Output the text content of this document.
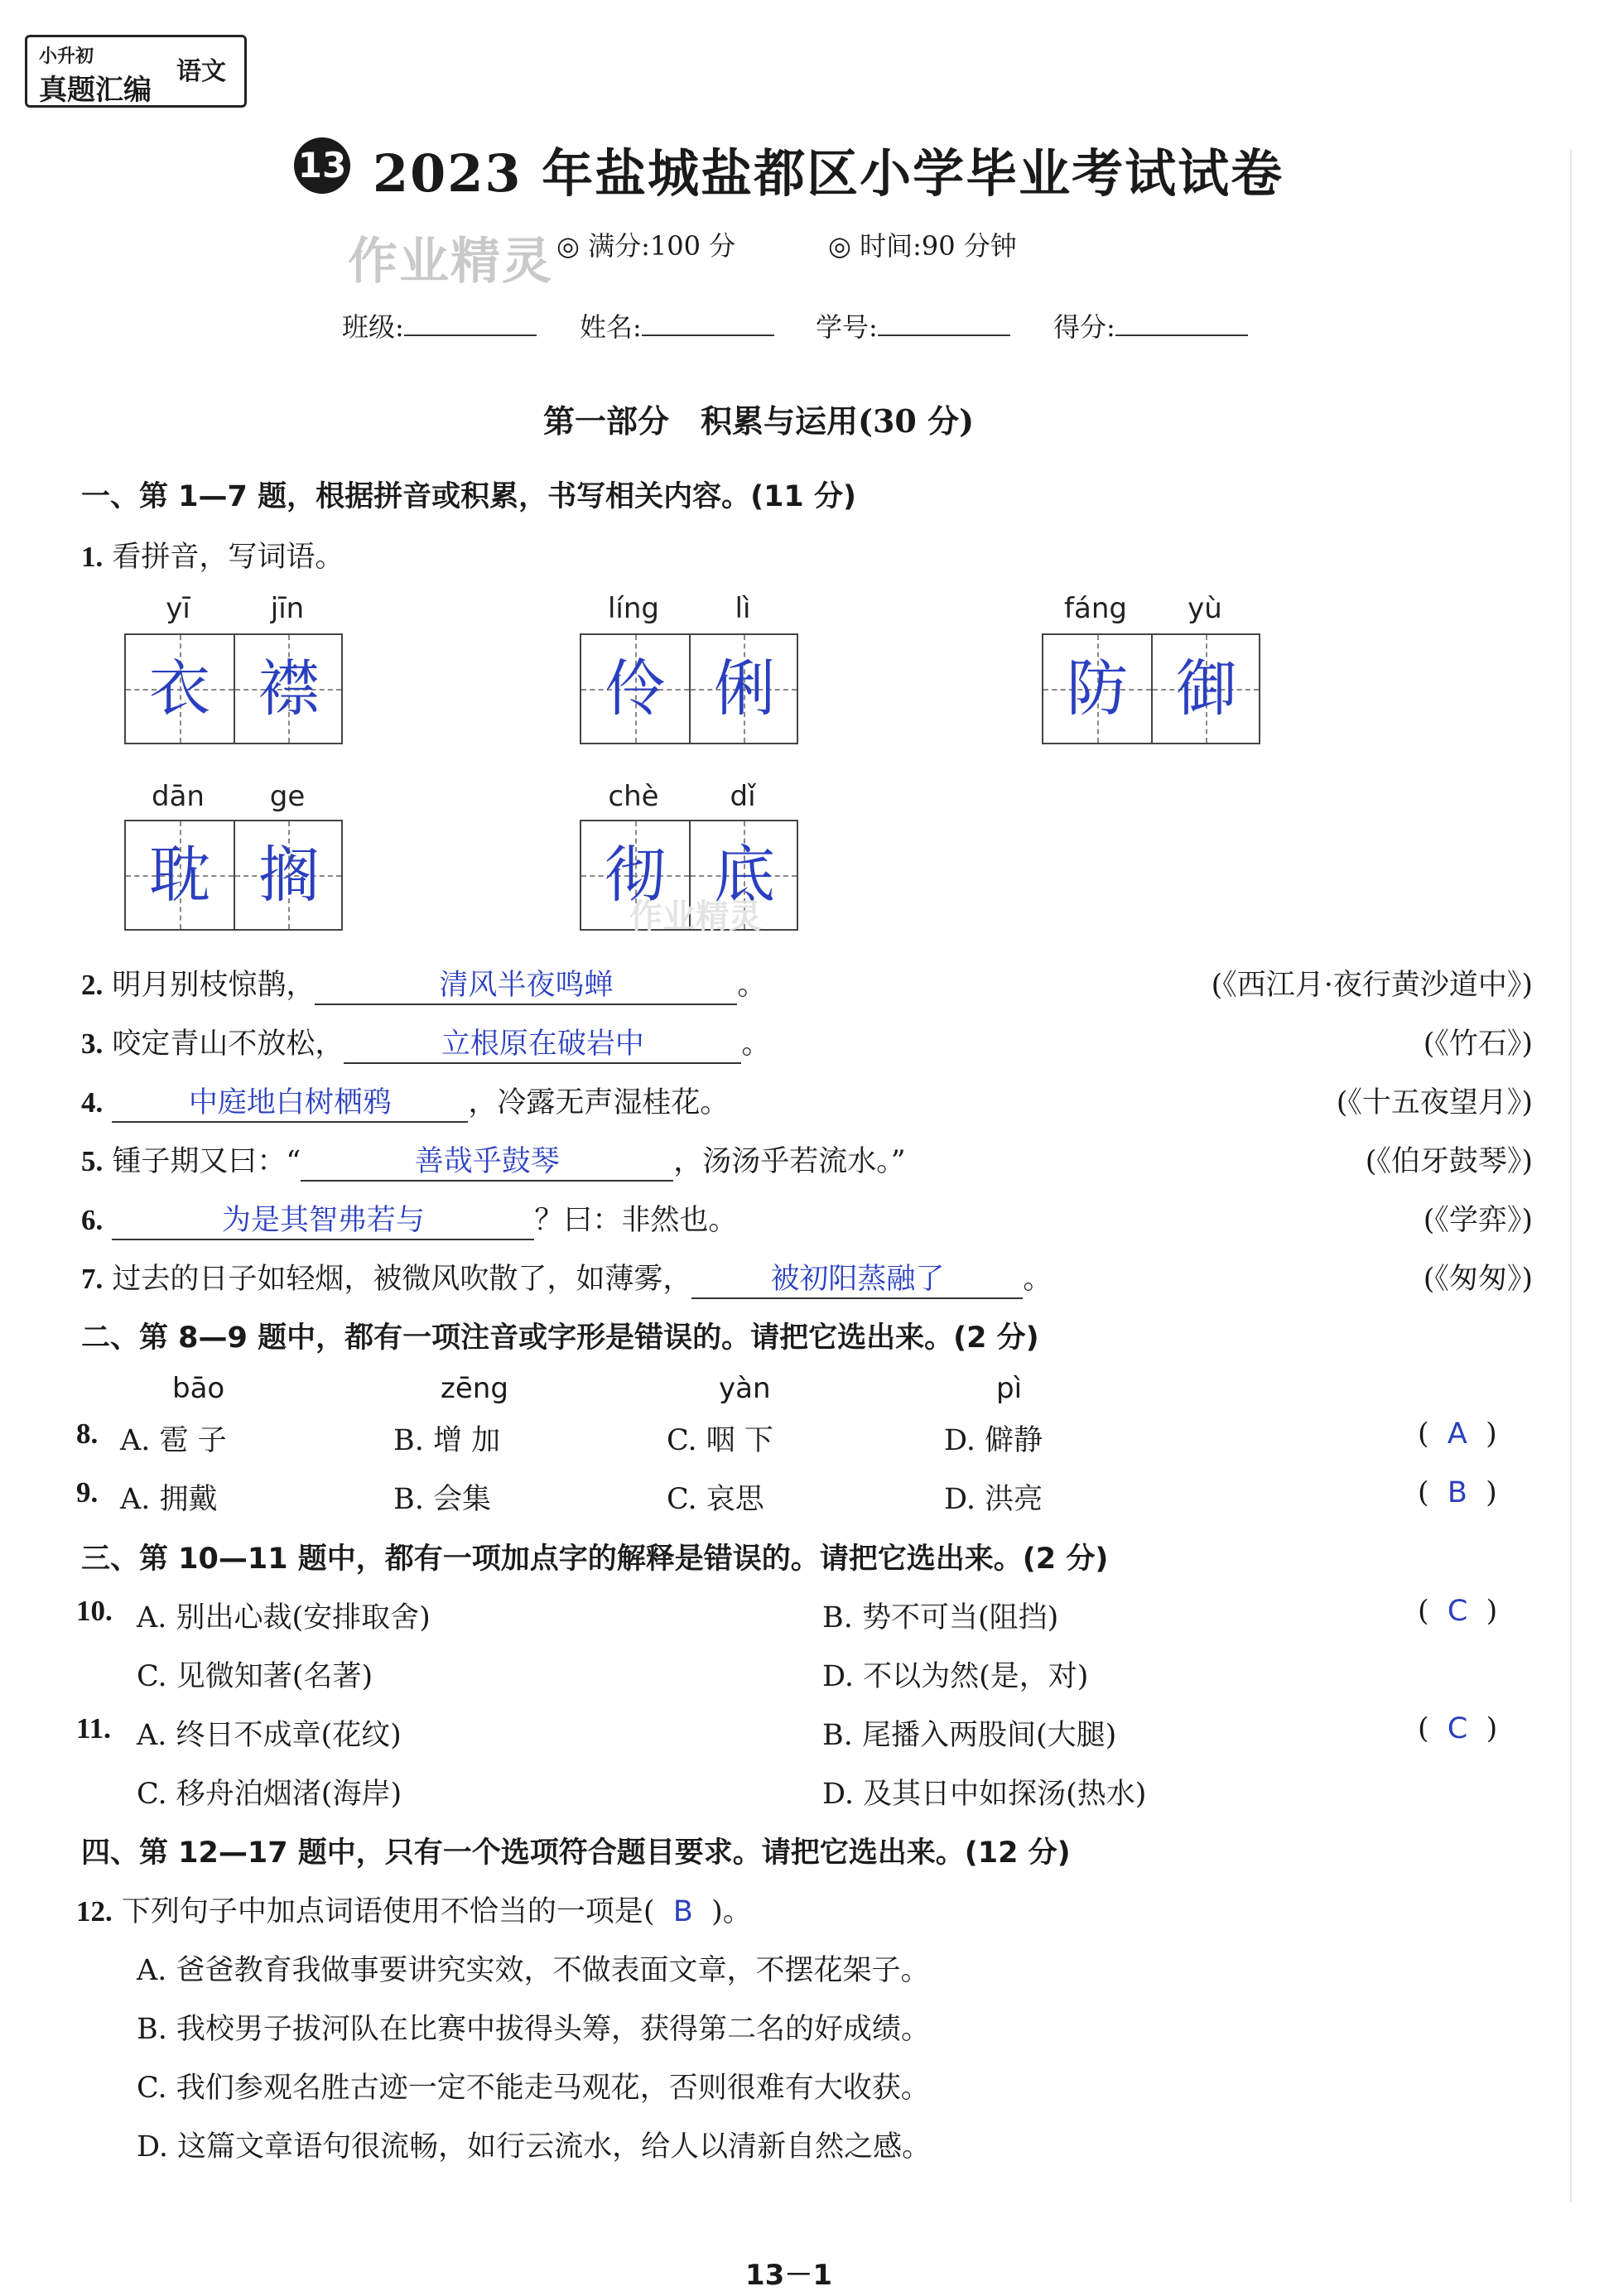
小升初
真题汇编
语文
13 2023 年盐城盐都区小学毕业考试试卷
作业精灵 ◎ 满分:100 分	◎ 时间:90 分钟
班级:	姓名:	学号:	得分:
第一部分　积累与运用(30 分)
一、第 1—7 题，根据拼音或积累，书写相关内容。(11 分)
1. 看拼音，写词语。
yī	jīn
衣 襟
líng	lì
伶 俐
fáng	yù
防 御
dān	ge
耽 搁
chè	dǐ
彻 底
作业精灵
2. 明月别枝惊鹊，	清风半夜鸣蝉	。	(《西江月·夜行黄沙道中》)
3. 咬定青山不放松，	立根原在破岩中	。	(《竹石》)
4.	中庭地白树栖鸦	，冷露无声湿桂花。	(《十五夜望月》)
5. 锺子期又曰：“	善哉乎鼓琴	，汤汤乎若流水。”	(《伯牙鼓琴》)
6.	为是其智弗若与	？曰：非然也。	(《学弈》)
7. 过去的日子如轻烟，被微风吹散了，如薄雾，	被初阳蒸融了	。	(《匆匆》)
二、第 8—9 题中，都有一项注音或字形是错误的。请把它选出来。(2 分)
bāo	zēng	yàn	pì
8. A. 雹 子	B. 增 加	C. 咽 下	D. 僻静	(  A  )
9. A. 拥戴	B. 会集	C. 哀思	D. 洪亮	(  B  )
三、第 10—11 题中，都有一项加点字的解释是错误的。请把它选出来。(2 分)
10. A. 别出心裁(安排取舍)	B. 势不可当(阻挡)	(  C  )
C. 见微知著(名著)	D. 不以为然(是，对)
11. A. 终日不成章(花纹)	B. 尾播入两股间(大腿)	(  C  )
C. 移舟泊烟渚(海岸)	D. 及其日中如探汤(热水)
四、第 12—17 题中，只有一个选项符合题目要求。请把它选出来。(12 分)
12. 下列句子中加点词语使用不恰当的一项是( B )。
A. 爸爸教育我做事要讲究实效，不做表面文章，不摆花架子。
B. 我校男子拔河队在比赛中拔得头筹，获得第二名的好成绩。
C. 我们参观名胜古迹一定不能走马观花，否则很难有大收获。
D. 这篇文章语句很流畅，如行云流水，给人以清新自然之感。
13－1
